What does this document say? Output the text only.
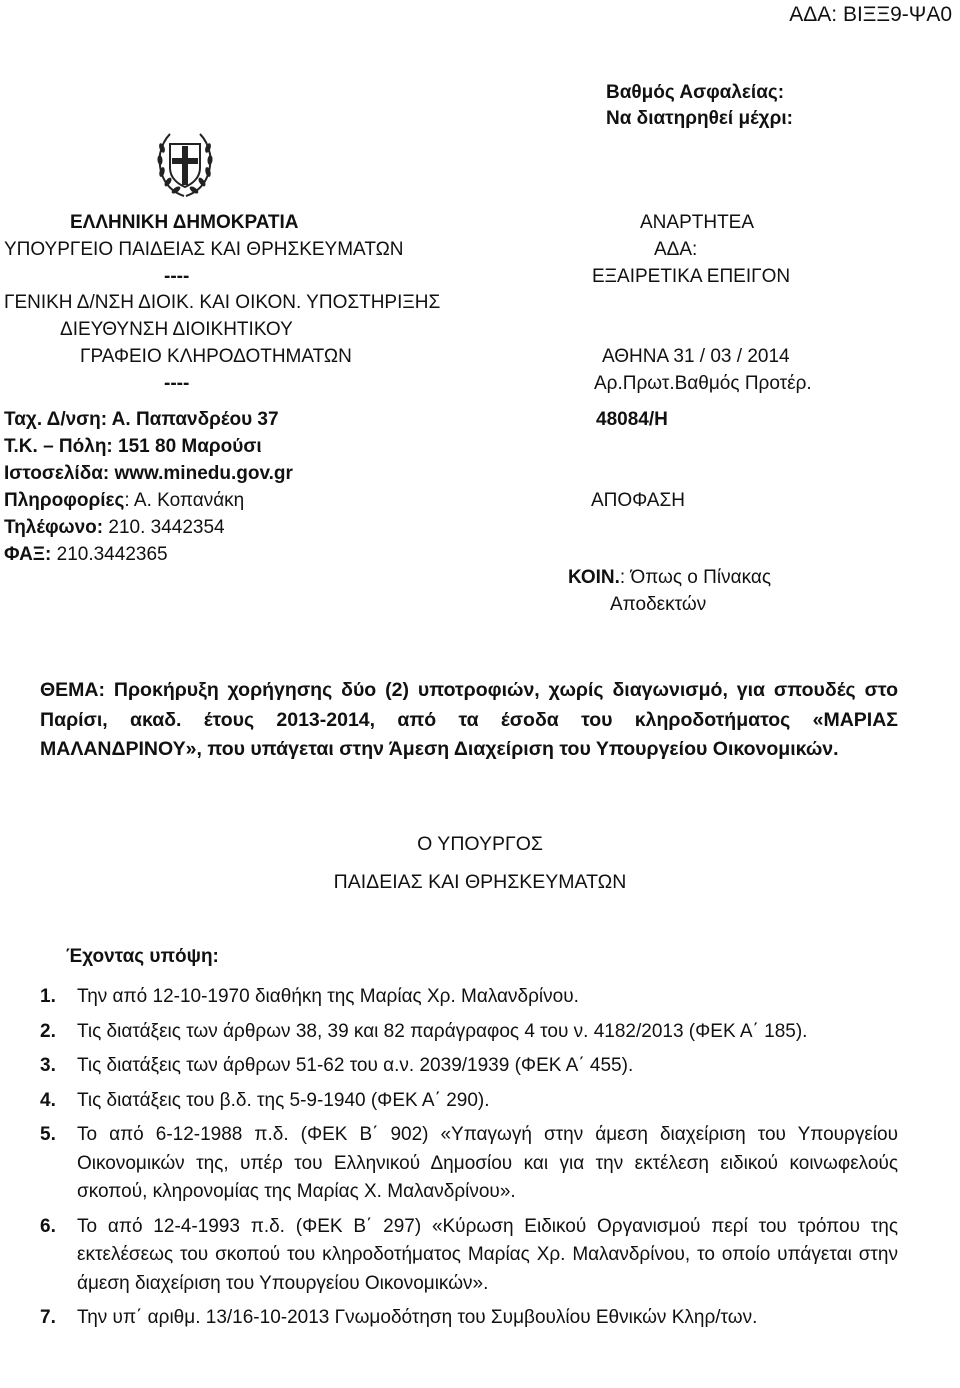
ΑΔΑ: ΒΙΞΞ9-ΨΑ0
Βαθμός Ασφαλείας:
Να διατηρηθεί μέχρι:
ΕΛΛΗΝΙΚΗ ΔΗΜΟΚΡΑΤΙΑ
ΥΠΟΥΡΓΕΙΟ ΠΑΙΔΕΙΑΣ ΚΑΙ ΘΡΗΣΚΕΥΜΑΤΩΝ
----
ΓΕΝΙΚΗ Δ/ΝΣΗ ΔΙΟΙΚ. ΚΑΙ ΟΙΚΟΝ. ΥΠΟΣΤΗΡΙΞΗΣ
ΔΙΕΥΘΥΝΣΗ ΔΙΟΙΚΗΤΙΚΟΥ
ΓΡΑΦΕΙΟ ΚΛΗΡΟΔΟΤΗΜΑΤΩΝ
----
Ταχ. Δ/νση: Α. Παπανδρέου 37
Τ.Κ. – Πόλη: 151 80 Μαρούσι
Ιστοσελίδα: www.minedu.gov.gr
Πληροφορίες: Α. Κοπανάκη
Τηλέφωνο: 210. 3442354
ΦΑΞ: 210.3442365
ΑΝΑΡΤΗΤΕΑ
ΑΔΑ:
ΕΞΑΙΡΕΤΙΚΑ ΕΠΕΙΓΟΝ
ΑΘΗΝΑ 31 / 03 / 2014
Αρ.Πρωτ.Βαθμός Προτέρ.
48084/Η
ΑΠΟΦΑΣΗ
ΚΟΙΝ.: Όπως ο Πίνακας
Αποδεκτών
ΘΕΜΑ: Προκήρυξη χορήγησης δύο (2) υποτροφιών, χωρίς διαγωνισμό, για σπουδές στο Παρίσι, ακαδ. έτους 2013-2014, από τα έσοδα του κληροδοτήματος «ΜΑΡΙΑΣ ΜΑΛΑΝΔΡΙΝΟΥ», που υπάγεται στην Άμεση Διαχείριση του Υπουργείου Οικονομικών.
Ο ΥΠΟΥΡΓΟΣ
ΠΑΙΔΕΙΑΣ ΚΑΙ ΘΡΗΣΚΕΥΜΑΤΩΝ
Έχοντας υπόψη:
1. Την από 12-10-1970 διαθήκη της Μαρίας Χρ. Μαλανδρίνου.
2. Τις διατάξεις των άρθρων 38, 39 και 82 παράγραφος 4 του ν. 4182/2013 (ΦΕΚ Α΄ 185).
3. Τις διατάξεις των άρθρων 51-62 του α.ν. 2039/1939 (ΦΕΚ Α΄ 455).
4. Τις διατάξεις του β.δ. της 5-9-1940 (ΦΕΚ Α΄ 290).
5. Το από 6-12-1988 π.δ. (ΦΕΚ Β΄ 902) «Υπαγωγή στην άμεση διαχείριση του Υπουργείου Οικονομικών της, υπέρ του Ελληνικού Δημοσίου και για την εκτέλεση ειδικού κοινωφελούς σκοπού, κληρονομίας της Μαρίας Χ. Μαλανδρίνου».
6. Το από 12-4-1993 π.δ. (ΦΕΚ Β΄ 297) «Κύρωση Ειδικού Οργανισμού περί του τρόπου της εκτελέσεως του σκοπού του κληροδοτήματος Μαρίας Χρ. Μαλανδρίνου, το οποίο υπάγεται στην άμεση διαχείριση του Υπουργείου Οικονομικών».
7. Την υπ΄ αριθμ. 13/16-10-2013 Γνωμοδότηση του Συμβουλίου Εθνικών Κληρ/των.
